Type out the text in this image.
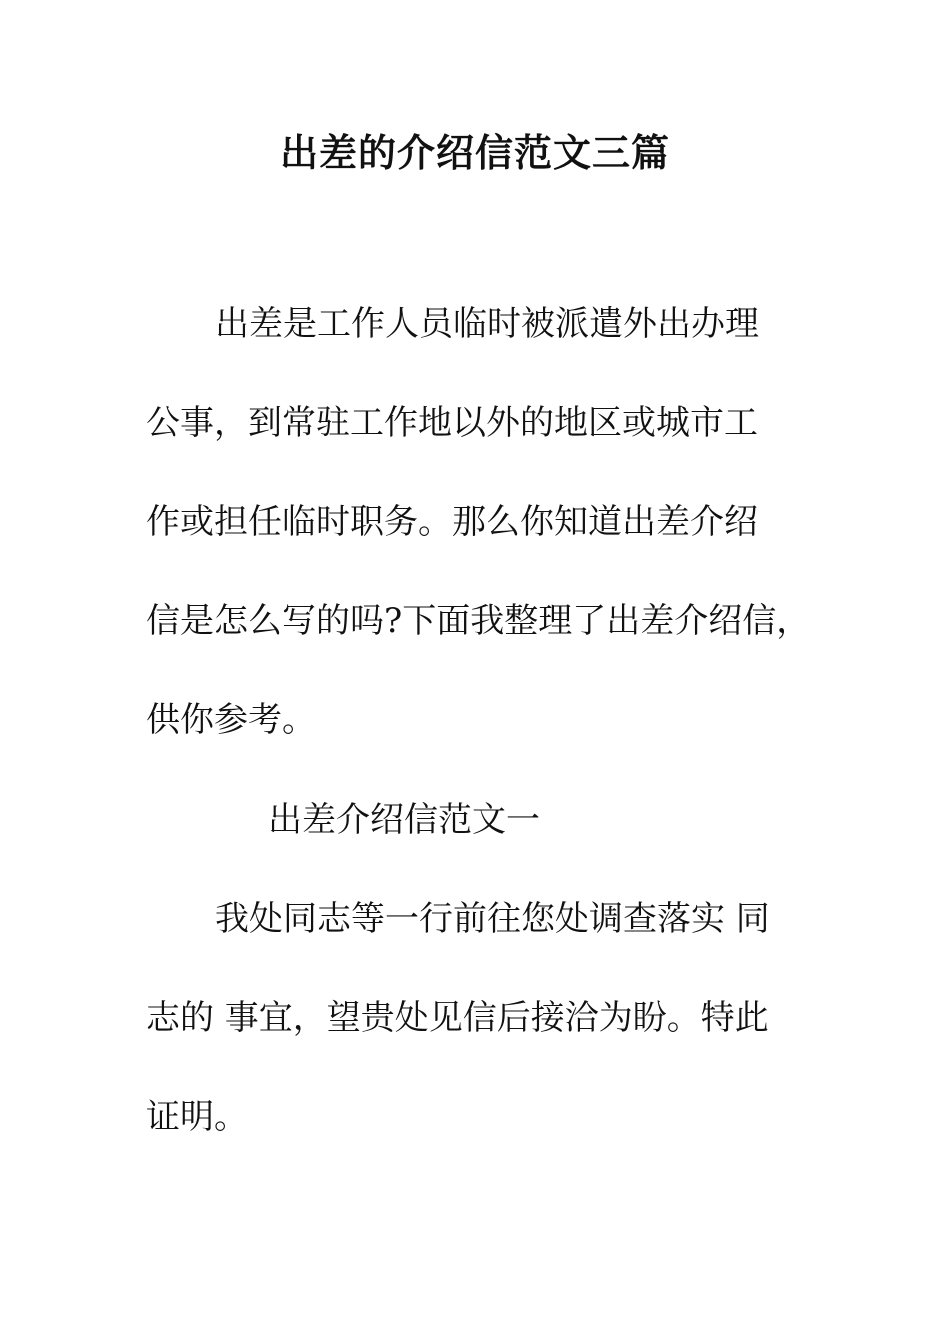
出差的介绍信范文三篇

出差是工作人员临时被派遣外出办理

公事，到常驻工作地以外的地区或城市工

作或担任临时职务。那么你知道出差介绍

信是怎么写的吗?下面我整理了出差介绍信，

供你参考。

出差介绍信范文一

我处同志等一行前往您处调查落实 同

志的 事宜，望贵处见信后接洽为盼。特此

证明。
